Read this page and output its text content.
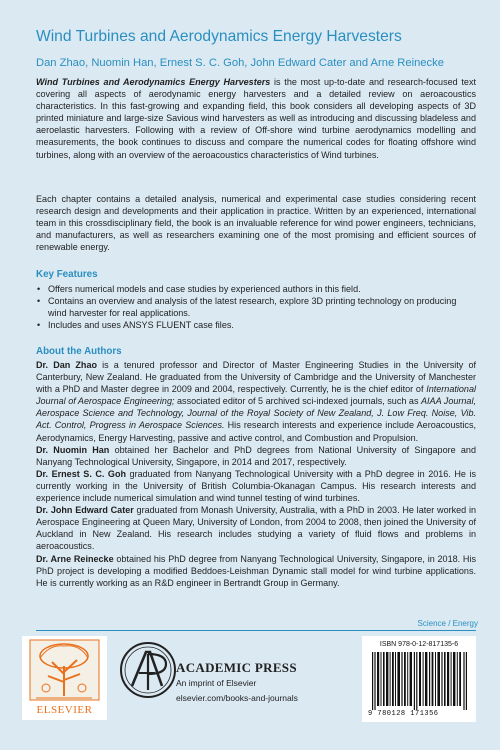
Wind Turbines and Aerodynamics Energy Harvesters
Dan Zhao, Nuomin Han, Ernest S. C. Goh, John Edward Cater and Arne Reinecke

Wind Turbines and Aerodynamics Energy Harvesters is the most up-to-date and research-focused text covering all aspects of aerodynamic energy harvesters and a detailed review on aeroacoustics characteristics. In this fast-growing and expanding field, this book considers all developing aspects of 3D printed miniature and large-size Savious wind harvesters as well as introducing and discussing bladeless and aeroelastic harvesters. Following with a review of Off-shore wind turbine aerodynamics modelling and measurements, the book continues to discuss and compare the numerical codes for floating offshore wind turbines, along with an overview of the aeroacoustics characteristics of Wind turbines.

Each chapter contains a detailed analysis, numerical and experimental case studies considering recent research design and developments and their application in practice. Written by an experienced, international team in this crossdisciplinary field, the book is an invaluable reference for wind power engineers, technicians, and manufacturers, as well as researchers examining one of the most promising and efficient sources of renewable energy.

Key Features
• Offers numerical models and case studies by experienced authors in this field.
• Contains an overview and analysis of the latest research, explore 3D printing technology on producing wind harvester for real applications.
• Includes and uses ANSYS FLUENT case files.
About the Authors

Dr. Dan Zhao is a tenured professor and Director of Master Engineering Studies in the University of Canterbury, New Zealand. He graduated from the University of Cambridge and the University of Manchester with a PhD and Master degree in 2009 and 2004, respectively. Currently, he is the chief editor of International Journal of Aerospace Engineering; associated editor of 5 archived sci-indexed journals, such as AIAA Journal, Aerospace Science and Technology, Journal of the Royal Society of New Zealand, J. Low Freq. Noise, Vib. Act. Control, Progress in Aerospace Sciences. His research interests and experience include Aeroacoustics, Aerodynamics, Energy Harvesting, passive and active control, and Combustion and Propulsion.

Dr. Nuomin Han obtained her Bachelor and PhD degrees from National University of Singapore and Nanyang Technological University, Singapore, in 2014 and 2017, respectively.

Dr. Ernest S. C. Goh graduated from Nanyang Technological University with a PhD degree in 2016. He is currently working in the University of British Columbia-Okanagan Campus. His research interests and experience include numerical simulation and wind tunnel testing of wind turbines.

Dr. John Edward Cater graduated from Monash University, Australia, with a PhD in 2003. He later worked in Aerospace Engineering at Queen Mary, University of London, from 2004 to 2008, then joined the University of Auckland in New Zealand. His research includes studying a variety of fluid flows and problems in aeroacoustics.

Dr. Arne Reinecke obtained his PhD degree from Nanyang Technological University, Singapore, in 2018. His PhD project is developing a modified Beddoes-Leishman Dynamic stall model for wind turbine applications. He is currently working as an R&D engineer in Bertrandt Group in Germany.

Science / Energy
ELSEVIER
ACADEMIC PRESS
An imprint of Elsevier
elsevier.com/books-and-journals
ISBN 978-0-12-817135-6
9 780128 171356
